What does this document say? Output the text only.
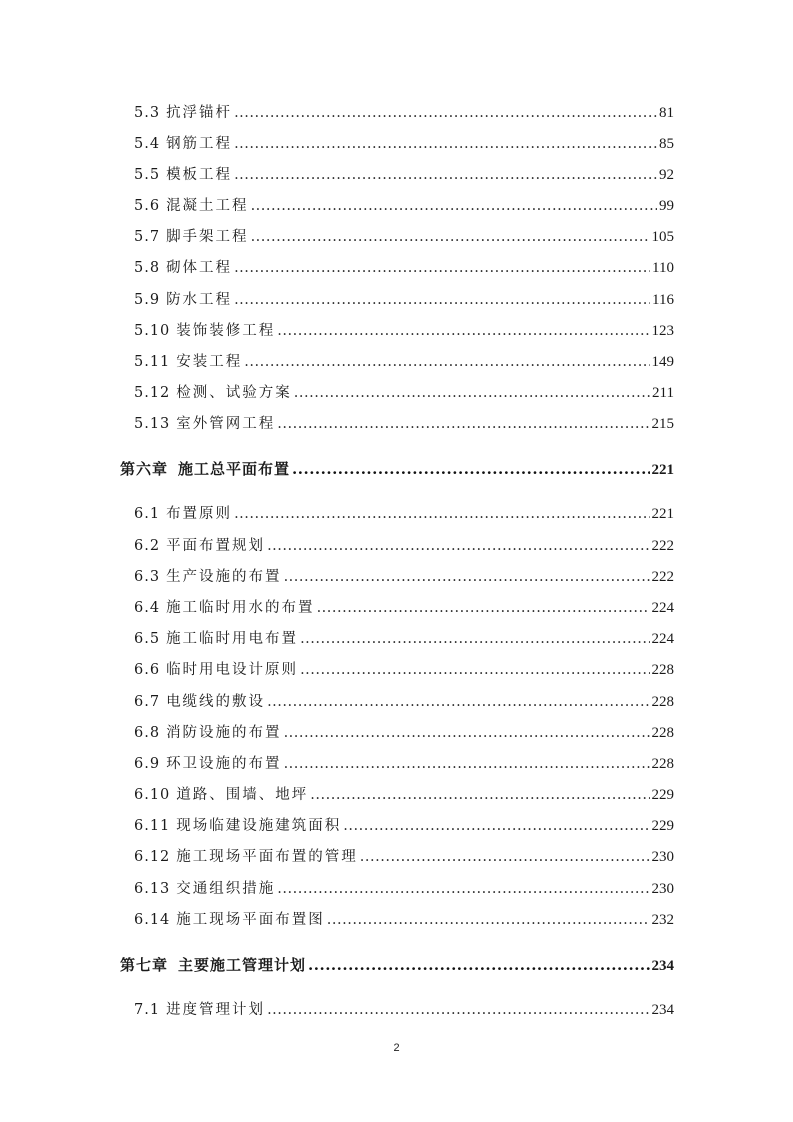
5.3 抗浮锚杆 .....	81
5.4 钢筋工程 .....	85
5.5 模板工程 .....	92
5.6 混凝土工程 .....	99
5.7 脚手架工程 .....	105
5.8 砌体工程 .....	110
5.9 防水工程 .....	116
5.10 装饰装修工程 .....	123
5.11 安装工程 .....	149
5.12 检测、试验方案 .....	211
5.13 室外管网工程 .....	215
第六章 施工总平面布置 .....	221
6.1 布置原则 .....	221
6.2 平面布置规划 .....	222
6.3 生产设施的布置 .....	222
6.4 施工临时用水的布置 .....	224
6.5 施工临时用电布置 .....	224
6.6 临时用电设计原则 .....	228
6.7 电缆线的敷设 .....	228
6.8 消防设施的布置 .....	228
6.9 环卫设施的布置 .....	228
6.10 道路、围墙、地坪 .....	229
6.11 现场临建设施建筑面积 .....	229
6.12 施工现场平面布置的管理 .....	230
6.13 交通组织措施 .....	230
6.14 施工现场平面布置图 .....	232
第七章 主要施工管理计划 .....	234
7.1 进度管理计划 .....	234
2
